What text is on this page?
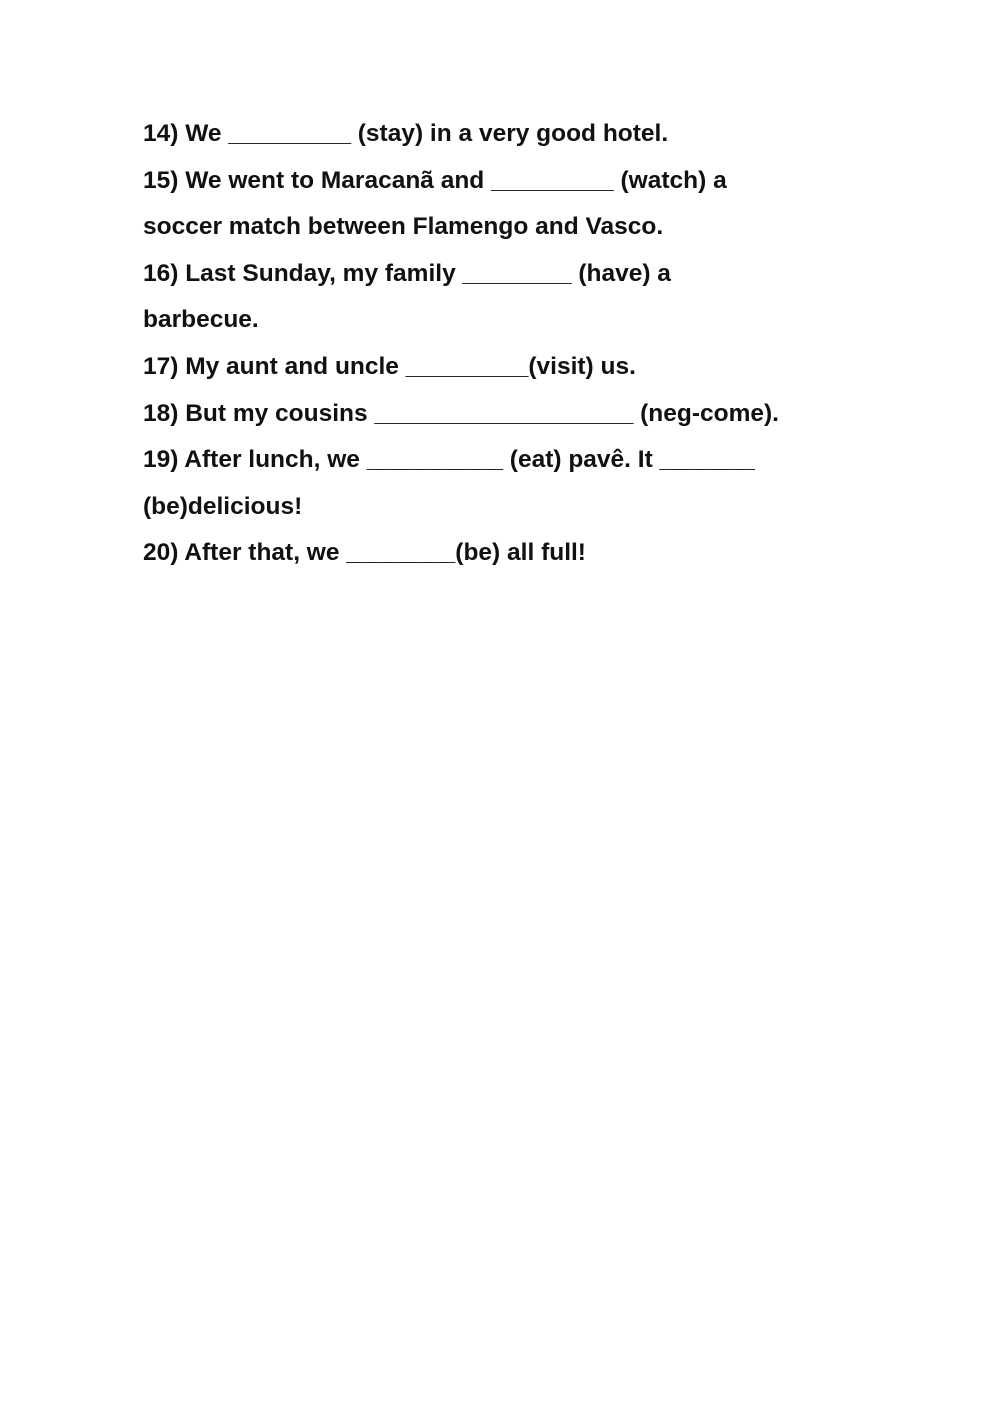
14) We _________ (stay) in a very good hotel.
15) We went to Maracanã and _________ (watch) a
soccer match between Flamengo and Vasco.
16) Last Sunday, my family ________ (have) a
barbecue.
17) My aunt and uncle _________(visit) us.
18) But my cousins ___________________ (neg-come).
19) After lunch, we __________ (eat) pavê. It _______
(be)delicious!
20) After that, we ________(be) all full!
